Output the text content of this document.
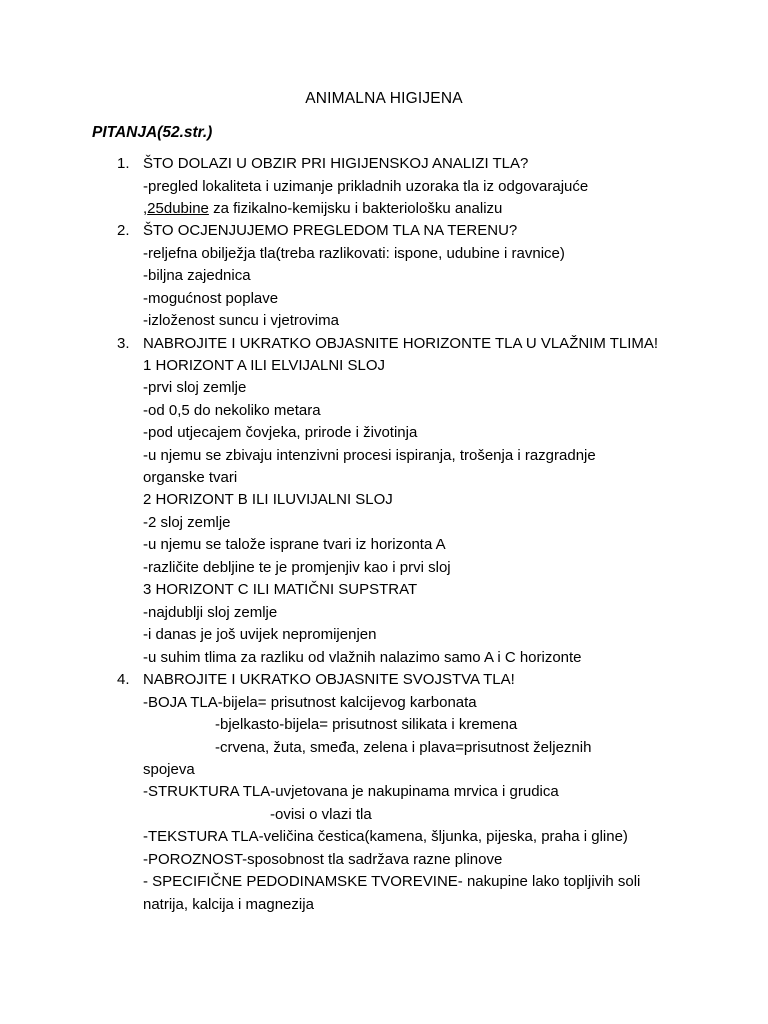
ANIMALNA HIGIJENA
PITANJA(52.str.)
1. ŠTO DOLAZI U OBZIR PRI HIGIJENSKOJ ANALIZI TLA?
-pregled lokaliteta i uzimanje prikladnih uzoraka tla iz odgovarajuće
,25dubine za fizikalno-kemijsku i bakteriološku analizu
2. ŠTO OCJENJUJEMO PREGLEDOM TLA NA TERENU?
-reljefna obilježja tla(treba razlikovati: ispone, udubine i ravnice)
-biljna zajednica
-mogućnost poplave
-izloženost suncu i vjetrovima
3. NABROJITE I UKRATKO OBJASNITE HORIZONTE TLA U VLAŽNIM TLIMA!
1 HORIZONT A ILI ELVIJALNI SLOJ
-prvi sloj zemlje
-od 0,5 do nekoliko metara
-pod utjecajem čovjeka, prirode i životinja
-u njemu se zbivaju intenzivni procesi ispiranja, trošenja i razgradnje
organske tvari
2 HORIZONT B ILI ILUVIJALNI SLOJ
-2 sloj zemlje
-u njemu se talože isprane tvari iz horizonta A
-različite debljine te je promjenjiv kao i prvi sloj
3 HORIZONT C ILI MATIČNI SUPSTRAT
-najdublji sloj zemlje
-i danas je još uvijek nepromijenjen
-u suhim tlima za razliku od vlažnih nalazimo samo A i C horizonte
4. NABROJITE I UKRATKO OBJASNITE SVOJSTVA TLA!
-BOJA TLA-bijela= prisutnost kalcijevog karbonata
-bjelkasto-bijela= prisutnost silikata i kremena
-crvena, žuta, smeđa, zelena i plava=prisutnost željeznih
spojeva
-STRUKTURA TLA-uvjetovana je nakupinama mrvica i grudica
-ovisi o vlazi tla
-TEKSTURA TLA-veličina čestica(kamena, šljunka, pijeska, praha i gline)
-POROZNOST-sposobnost tla sadržava razne plinove
- SPECIFIČNE PEDODINAMSKE TVOREVINE- nakupine lako topljivih soli
natrija, kalcija i magnezija
